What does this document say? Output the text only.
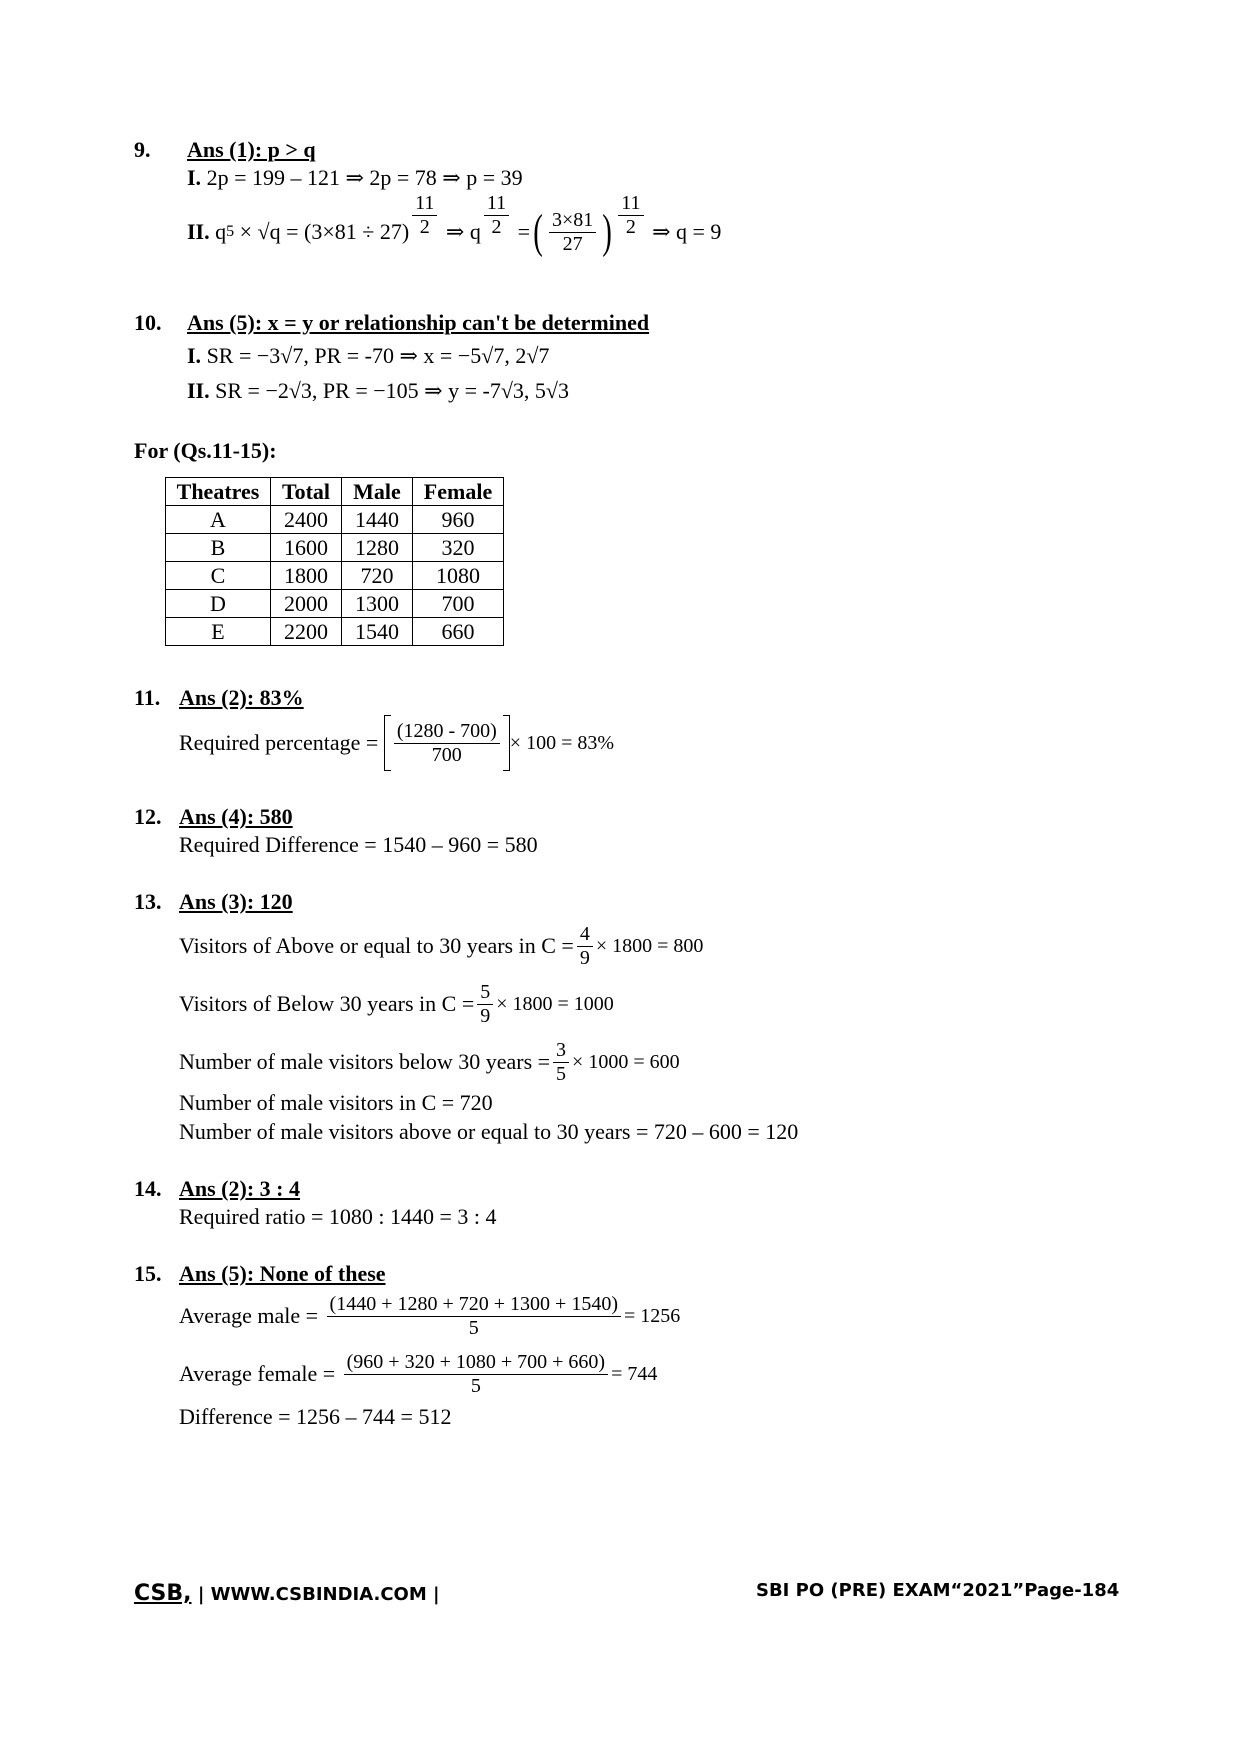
9. Ans (1): p > q
I. 2p = 199 – 121 ⇒ 2p = 78 ⇒ p = 39
II.
q 5
× $√q = (3\times 81 \div 27) \frac{11}{2}$
⇒ q $\frac{11}{2}$
= ( $\frac{3\times 81}{27}$ ) $\frac{11}{2}$
⇒ q = 9
10. Ans (5): x = y or relationship can't be determined
I. SR = −3√7, PR = -70 ⇒ x = −5√7, 2√7
II. SR = −2√3, PR = −105 ⇒ y = -7√3, 5√3
For (Qs.11-15):
Theatres	Total	Male	Female
A	2400	1440	960
B	1600	1280	320
C	1800	720	1080
D	2000	1300	700
E	2200	1540	660
11. Ans (2): 83%
Required percentage =
$\frac{(1280 - 700)}{700} \times 100 = 83\%$
12. Ans (4): 580
Required Difference = 1540 – 960 = 580
13. Ans (3): 120
Visitors of Above or equal to 30 years in $C = \frac{4}{9} \times 1800 = 800$
Visitors of Below 30 years in $C = \frac{5}{9} \times 1800 = 1000$
Number of male visitors below 30 years = $\frac{3}{5} \times 1000 = 600$
Number of male visitors in C = 720
Number of male visitors above or equal to 30 years = 720 – 600 = 120
14. Ans (2): 3 : 4
Required ratio = 1080 : 1440 = 3 : 4
15. Ans (5): None of these
Average male =
$\frac{(1440 + 1280 + 720 + 1300 + 1540)}{5} = 1256$
Average female =
$\frac{(960 + 320 + 1080 + 700 + 660)}{5} = 744$
Difference = 1256 – 744 = 512
CSB, | WWW.CSBINDIA.COM |	SBI PO (PRE) EXAM“2021”Page-184
